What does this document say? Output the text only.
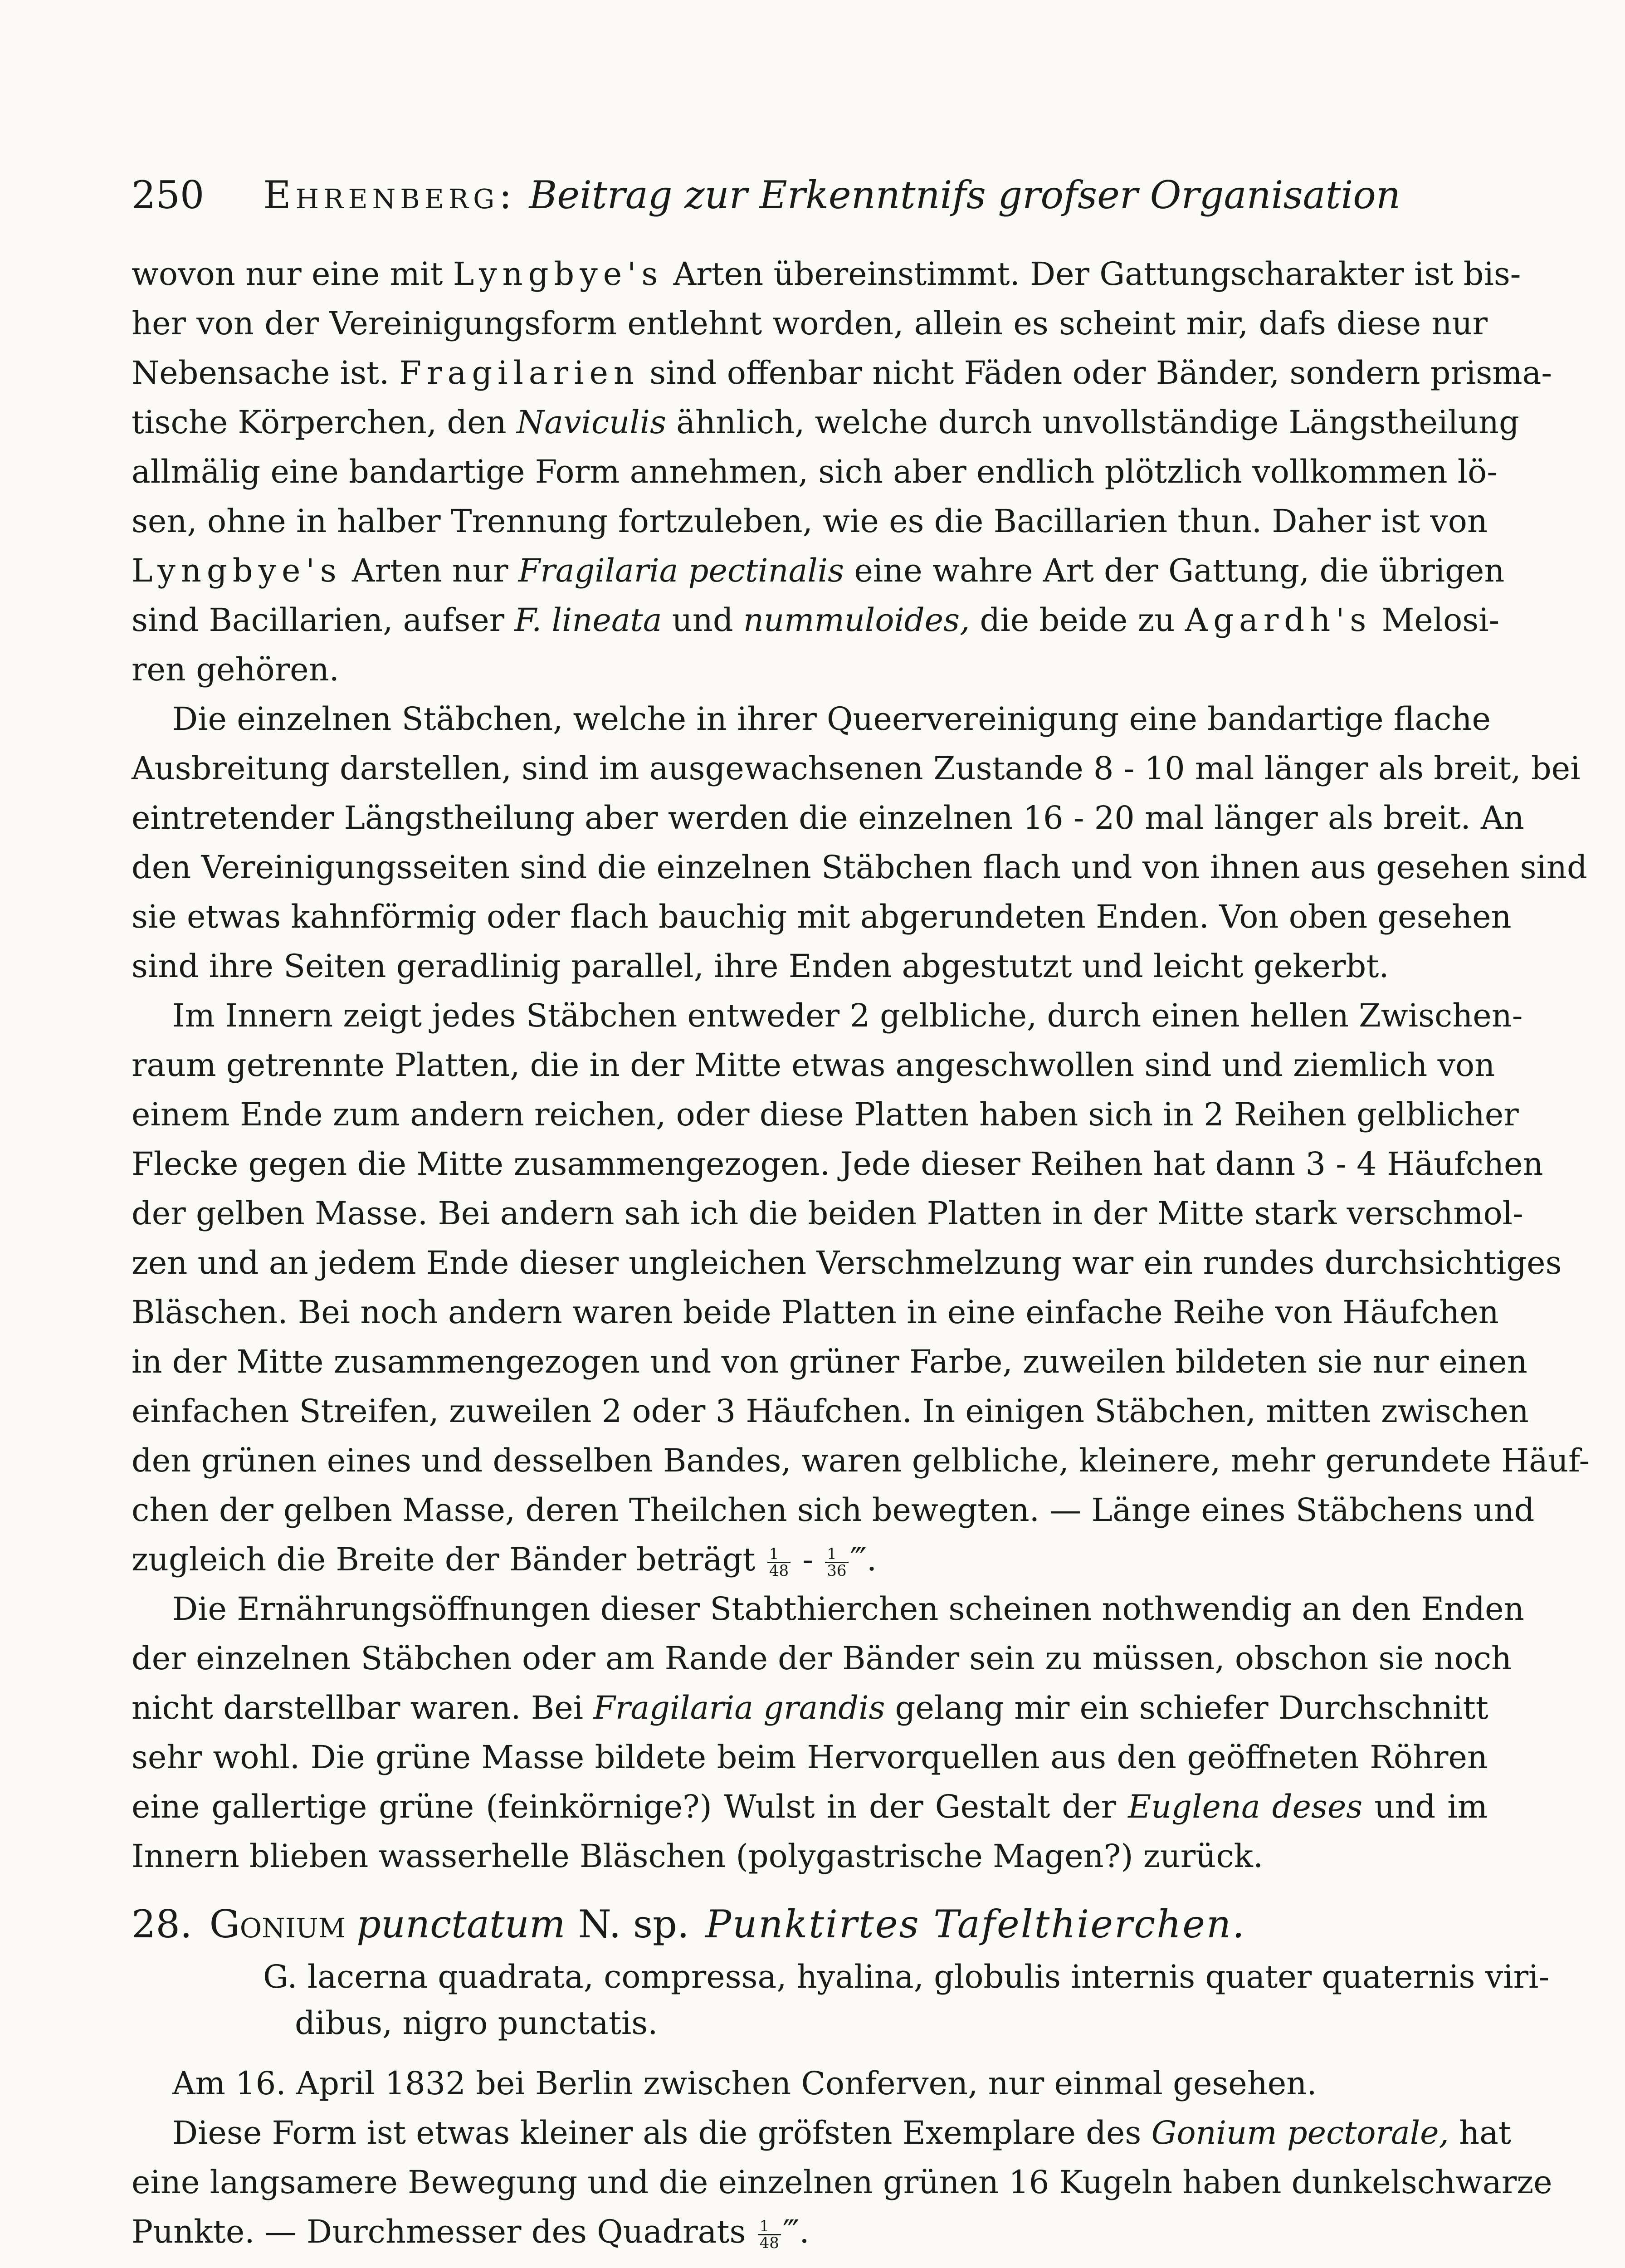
250 Ehrenberg: Beitrag zur Erkenntnifs grofser Organisation
wovon nur eine mit Lyngbye's Arten übereinstimmt. Der Gattungscharakter ist bis-
her von der Vereinigungsform entlehnt worden, allein es scheint mir, dafs diese nur
Nebensache ist. Fragilarien sind offenbar nicht Fäden oder Bänder, sondern prisma-
tische Körperchen, den Naviculis ähnlich, welche durch unvollständige Längstheilung
allmälig eine bandartige Form annehmen, sich aber endlich plötzlich vollkommen lö-
sen, ohne in halber Trennung fortzuleben, wie es die Bacillarien thun. Daher ist von
Lyngbye's Arten nur Fragilaria pectinalis eine wahre Art der Gattung, die übrigen
sind Bacillarien, aufser F. lineata und nummuloides, die beide zu Agardh's Melosi-
ren gehören.
Die einzelnen Stäbchen, welche in ihrer Queervereinigung eine bandartige flache
Ausbreitung darstellen, sind im ausgewachsenen Zustande 8 - 10 mal länger als breit, bei
eintretender Längstheilung aber werden die einzelnen 16 - 20 mal länger als breit. An
den Vereinigungsseiten sind die einzelnen Stäbchen flach und von ihnen aus gesehen sind
sie etwas kahnförmig oder flach bauchig mit abgerundeten Enden. Von oben gesehen
sind ihre Seiten geradlinig parallel, ihre Enden abgestutzt und leicht gekerbt.
Im Innern zeigt jedes Stäbchen entweder 2 gelbliche, durch einen hellen Zwischen-
raum getrennte Platten, die in der Mitte etwas angeschwollen sind und ziemlich von
einem Ende zum andern reichen, oder diese Platten haben sich in 2 Reihen gelblicher
Flecke gegen die Mitte zusammengezogen. Jede dieser Reihen hat dann 3 - 4 Häufchen
der gelben Masse. Bei andern sah ich die beiden Platten in der Mitte stark verschmol-
zen und an jedem Ende dieser ungleichen Verschmelzung war ein rundes durchsichtiges
Bläschen. Bei noch andern waren beide Platten in eine einfache Reihe von Häufchen
in der Mitte zusammengezogen und von grüner Farbe, zuweilen bildeten sie nur einen
einfachen Streifen, zuweilen 2 oder 3 Häufchen. In einigen Stäbchen, mitten zwischen
den grünen eines und desselben Bandes, waren gelbliche, kleinere, mehr gerundete Häuf-
chen der gelben Masse, deren Theilchen sich bewegten. — Länge eines Stäbchens und
zugleich die Breite der Bänder beträgt $\frac{1}{48} - \frac{1}{36}$ ‴.
Die Ernährungsöffnungen dieser Stabthierchen scheinen nothwendig an den Enden
der einzelnen Stäbchen oder am Rande der Bänder sein zu müssen, obschon sie noch
nicht darstellbar waren. Bei Fragilaria grandis gelang mir ein schiefer Durchschnitt
sehr wohl. Die grüne Masse bildete beim Hervorquellen aus den geöffneten Röhren
eine gallertige grüne (feinkörnige?) Wulst in der Gestalt der Euglena deses und im
Innern blieben wasserhelle Bläschen (polygastrische Magen?) zurück.
28. Gonium punctatum N. sp. Punktirtes Tafelthierchen.
G. lacerna quadrata, compressa, hyalina, globulis internis quater quaternis viri-
dibus, nigro punctatis.
Am 16. April 1832 bei Berlin zwischen Conferven, nur einmal gesehen.
Diese Form ist etwas kleiner als die gröfsten Exemplare des Gonium pectorale, hat
eine langsamere Bewegung und die einzelnen grünen 16 Kugeln haben dunkelschwarze
Punkte. — Durchmesser des Quadrats $\frac{1}{48}$ ‴.
